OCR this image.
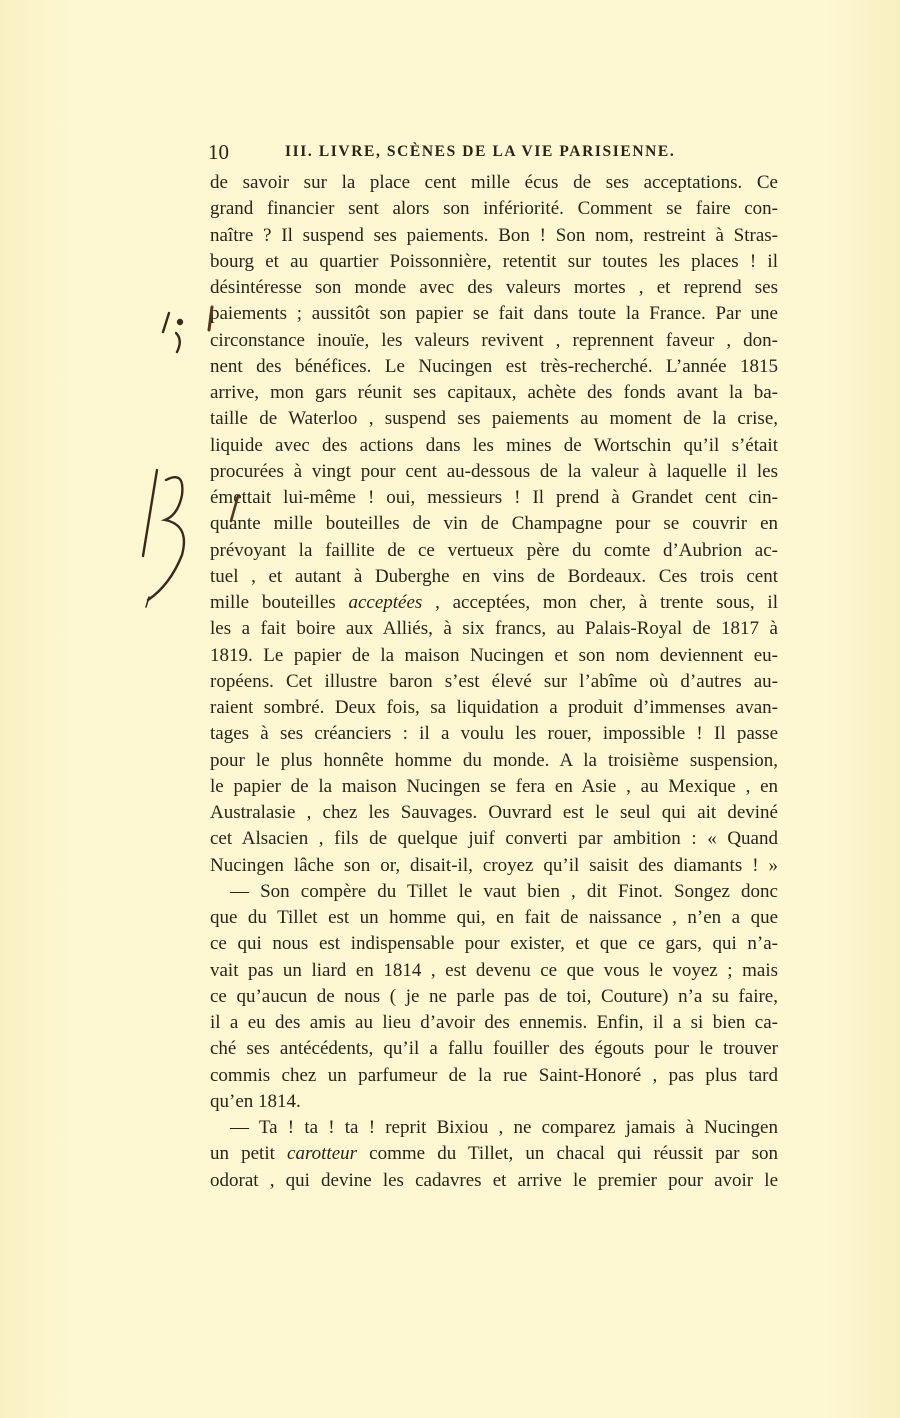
10	III. LIVRE, SCÈNES DE LA VIE PARISIENNE.
de savoir sur la place cent mille écus de ses acceptations. Ce
grand financier sent alors son infériorité. Comment se faire con-
naître ? Il suspend ses paiements. Bon ! Son nom, restreint à Stras-
bourg et au quartier Poissonnière, retentit sur toutes les places ! il
désintéresse son monde avec des valeurs mortes , et reprend ses
paiements ; aussitôt son papier se fait dans toute la France. Par une
circonstance inouïe, les valeurs revivent , reprennent faveur , don-
nent des bénéfices. Le Nucingen est très-recherché. L’année 1815
arrive, mon gars réunit ses capitaux, achète des fonds avant la ba-
taille de Waterloo , suspend ses paiements au moment de la crise,
liquide avec des actions dans les mines de Wortschin qu’il s’était
procurées à vingt pour cent au-dessous de la valeur à laquelle il les
émettait lui-même ! oui, messieurs ! Il prend à Grandet cent cin-
quante mille bouteilles de vin de Champagne pour se couvrir en
prévoyant la faillite de ce vertueux père du comte d’Aubrion ac-
tuel , et autant à Duberghe en vins de Bordeaux. Ces trois cent
mille bouteilles acceptées , acceptées, mon cher, à trente sous, il
les a fait boire aux Alliés, à six francs, au Palais-Royal de 1817 à
1819. Le papier de la maison Nucingen et son nom deviennent eu-
ropéens. Cet illustre baron s’est élevé sur l’abîme où d’autres au-
raient sombré. Deux fois, sa liquidation a produit d’immenses avan-
tages à ses créanciers : il a voulu les rouer, impossible ! Il passe
pour le plus honnête homme du monde. A la troisième suspension,
le papier de la maison Nucingen se fera en Asie , au Mexique , en
Australasie , chez les Sauvages. Ouvrard est le seul qui ait deviné
cet Alsacien , fils de quelque juif converti par ambition : « Quand
Nucingen lâche son or, disait-il, croyez qu’il saisit des diamants ! »
— Son compère du Tillet le vaut bien , dit Finot. Songez donc
que du Tillet est un homme qui, en fait de naissance , n’en a que
ce qui nous est indispensable pour exister, et que ce gars, qui n’a-
vait pas un liard en 1814 , est devenu ce que vous le voyez ; mais
ce qu’aucun de nous ( je ne parle pas de toi, Couture) n’a su faire,
il a eu des amis au lieu d’avoir des ennemis. Enfin, il a si bien ca-
ché ses antécédents, qu’il a fallu fouiller des égouts pour le trouver
commis chez un parfumeur de la rue Saint-Honoré , pas plus tard
qu’en 1814.
— Ta ! ta ! ta ! reprit Bixiou , ne comparez jamais à Nucingen
un petit carotteur comme du Tillet, un chacal qui réussit par son
odorat , qui devine les cadavres et arrive le premier pour avoir le
